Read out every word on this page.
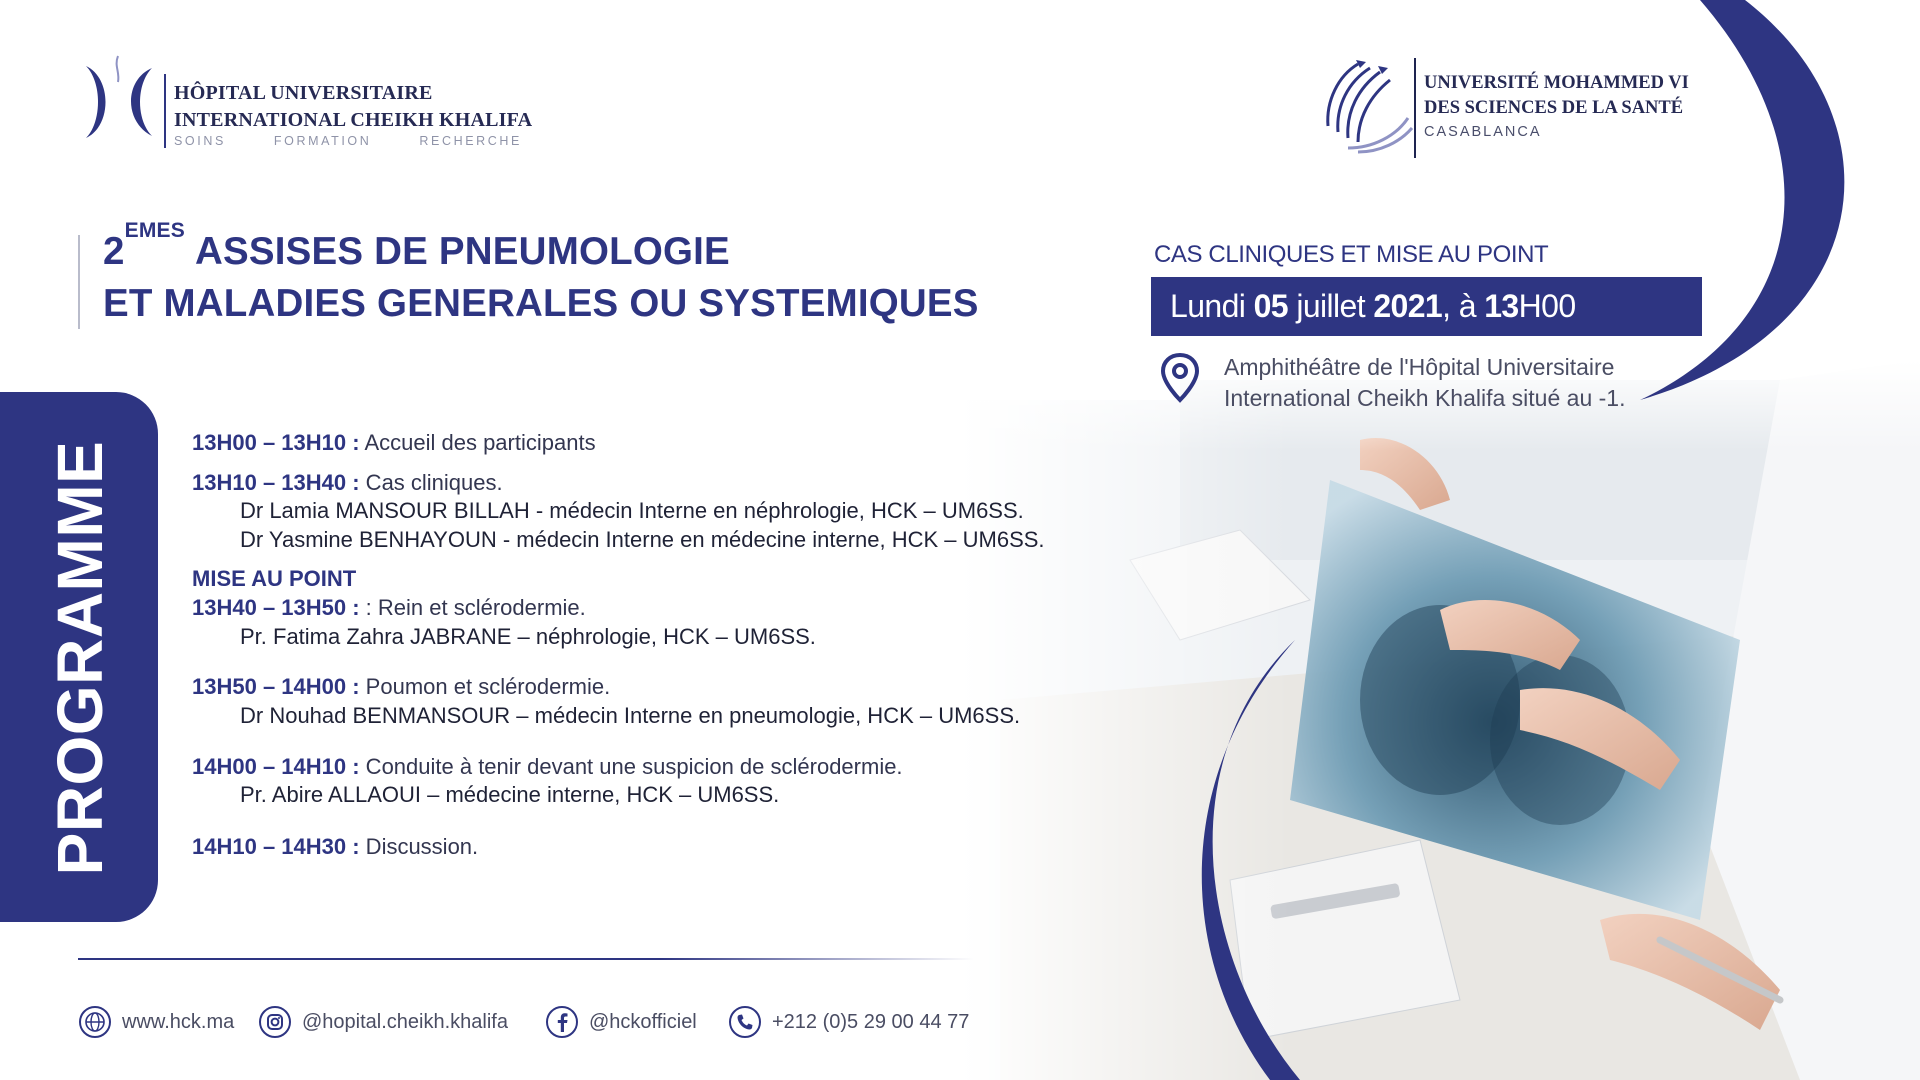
HÔPITAL UNIVERSITAIRE
INTERNATIONAL CHEIKH KHALIFA
SOINS	FORMATION	RECHERCHE
UNIVERSITÉ MOHAMMED VI
DES SCIENCES DE LA SANTÉ
CASABLANCA
2EMES ASSISES DE PNEUMOLOGIE
ET MALADIES GENERALES OU SYSTEMIQUES
CAS CLINIQUES ET MISE AU POINT
Lundi 05 juillet 2021, à 13H00
Amphithéâtre de l'Hôpital Universitaire
International Cheikh Khalifa situé au -1.
PROGRAMME	13H00 – 13H10 : Accueil des participants
13H10 – 13H40 : Cas cliniques.
Dr Lamia MANSOUR BILLAH - médecin Interne en néphrologie, HCK – UM6SS.
Dr Yasmine BENHAYOUN - médecin Interne en médecine interne, HCK – UM6SS.
MISE AU POINT
13H40 – 13H50 : : Rein et sclérodermie.
Pr. Fatima Zahra JABRANE – néphrologie, HCK – UM6SS.
13H50 – 14H00 : Poumon et sclérodermie.
Dr Nouhad BENMANSOUR – médecin Interne en pneumologie, HCK – UM6SS.
14H00 – 14H10 : Conduite à tenir devant une suspicion de sclérodermie.
Pr. Abire ALLAOUI – médecine interne, HCK – UM6SS.
14H10 – 14H30 : Discussion.
www.hck.ma	@hopital.cheikh.khalifa	@hckofficiel	+212 (0)5 29 00 44 77
